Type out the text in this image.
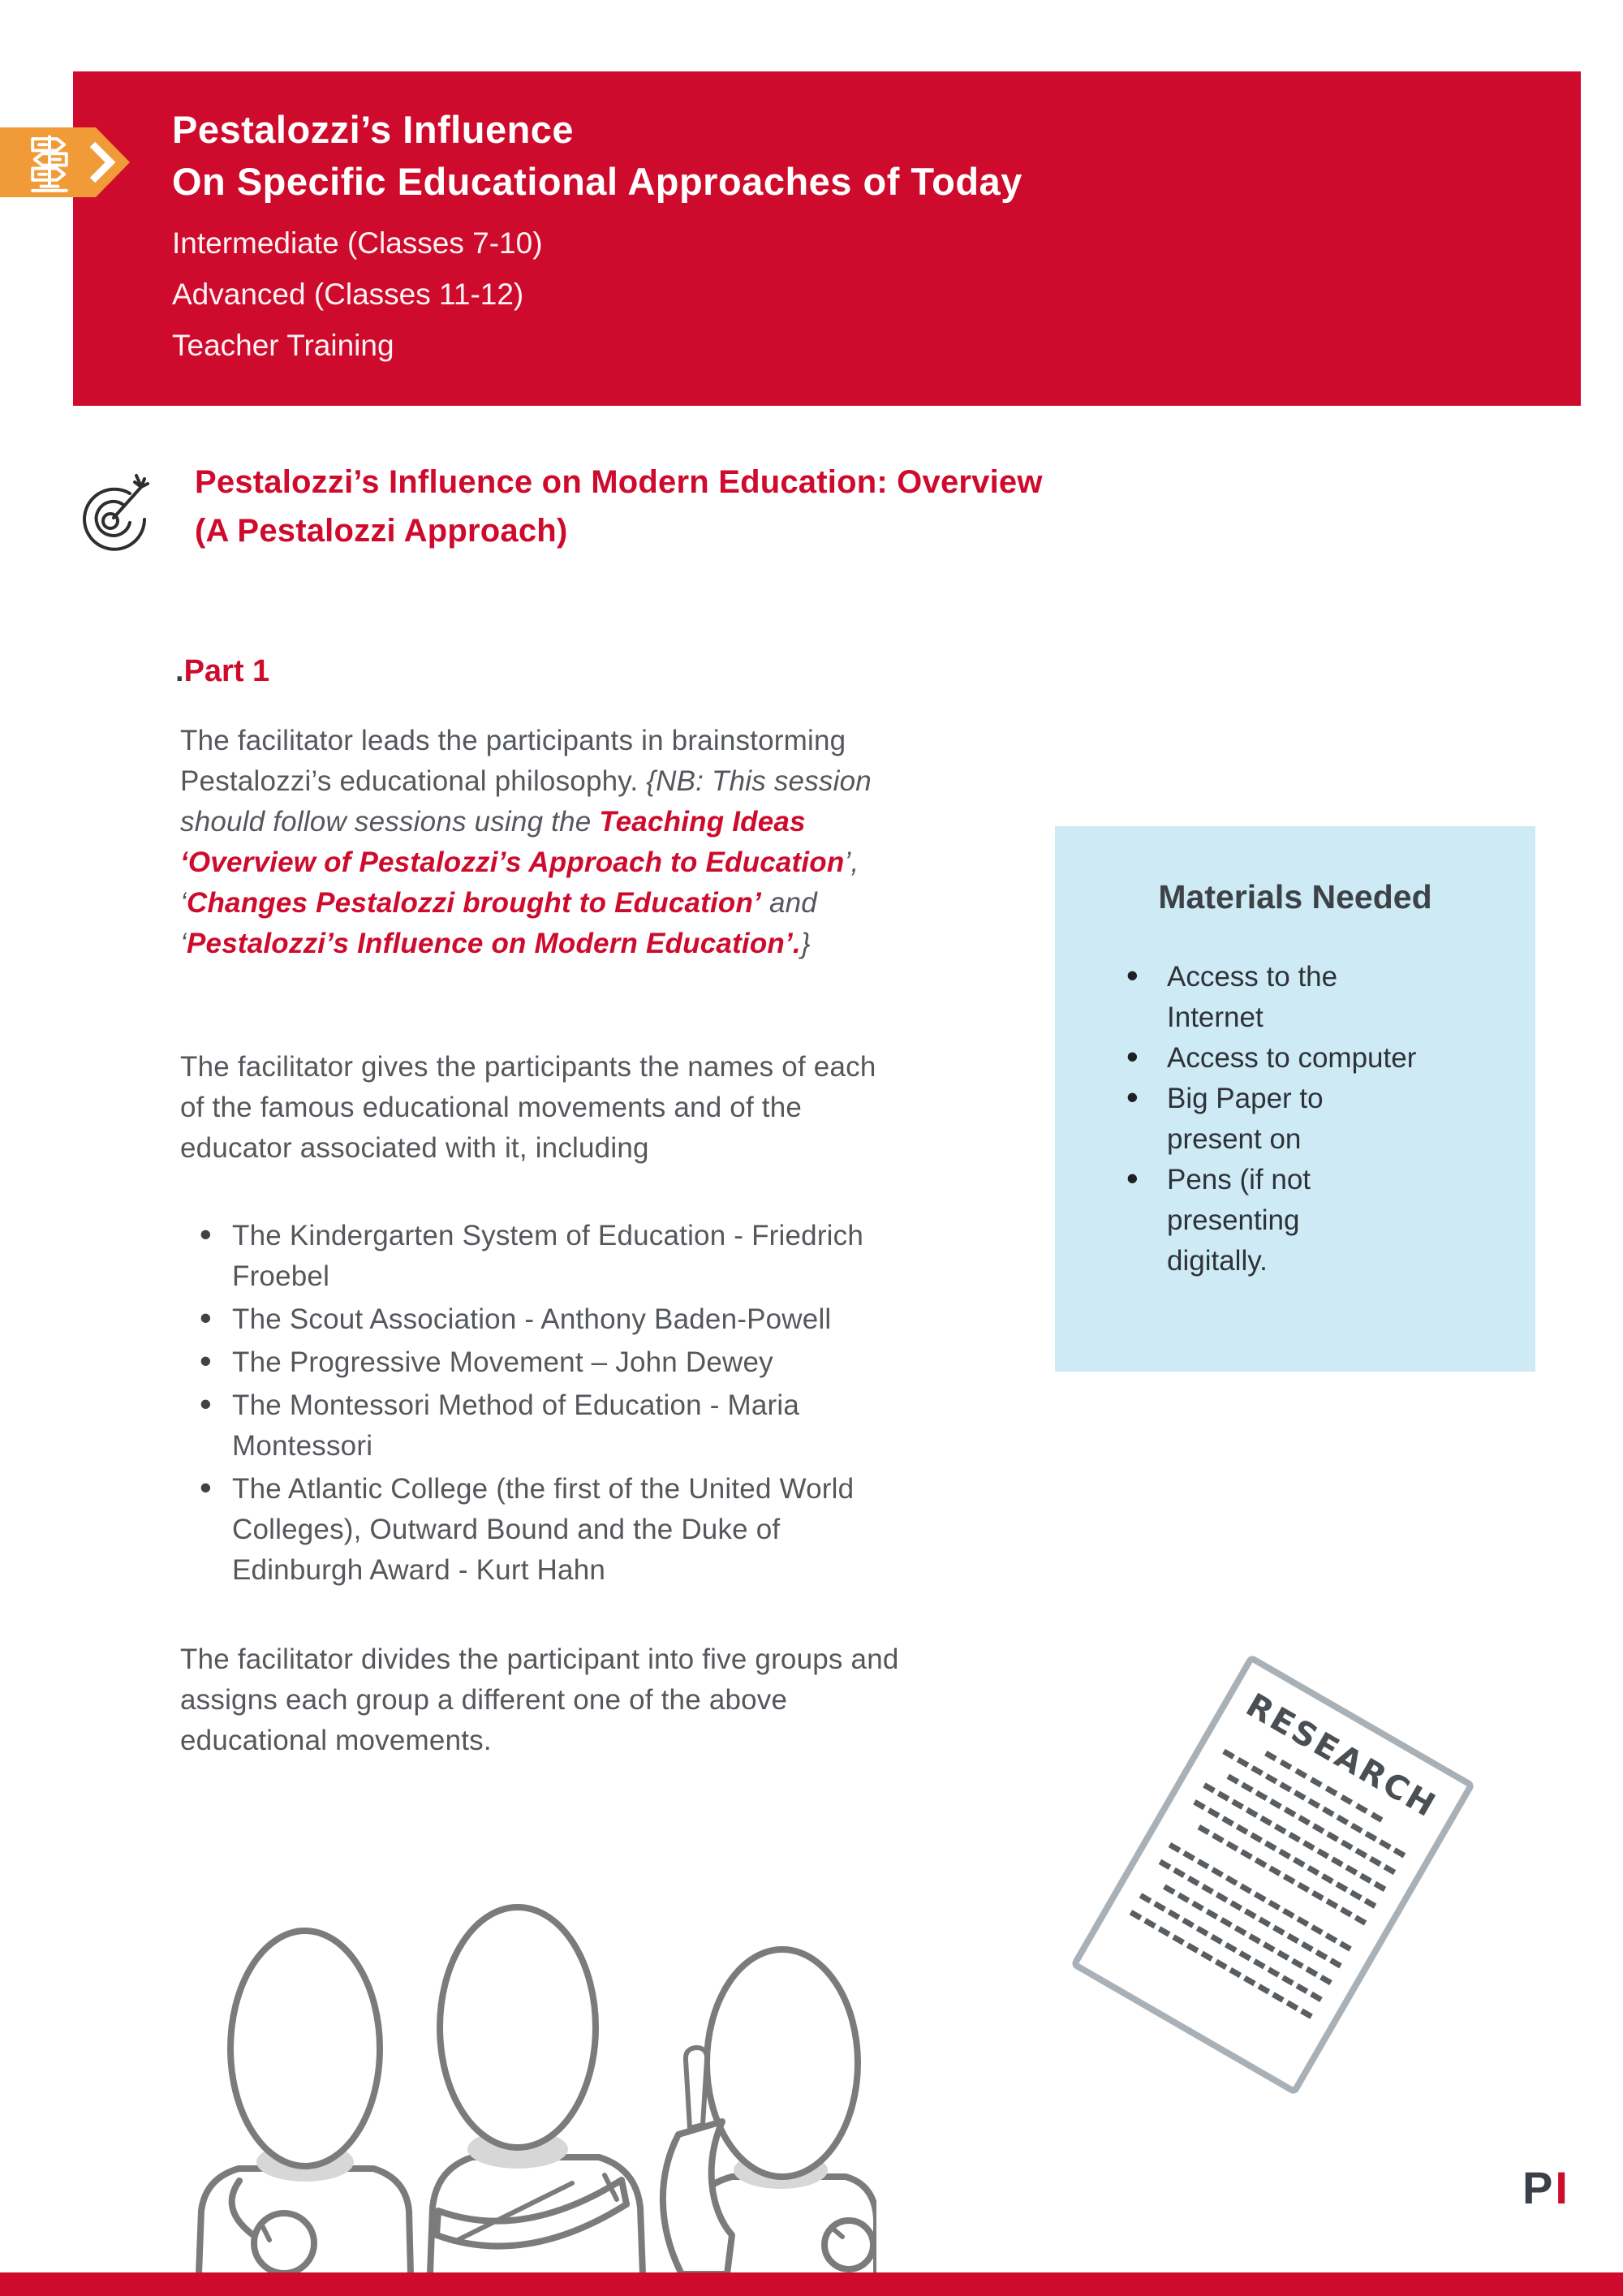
Pestalozzi’s Influence
On Specific Educational Approaches of Today
Intermediate (Classes 7-10)
Advanced (Classes 11-12)
Teacher Training
Pestalozzi’s Influence on Modern Education: Overview
(A Pestalozzi Approach)
.Part 1
The facilitator leads the participants in brainstorming
Pestalozzi’s educational philosophy. {NB: This session
should follow sessions using the Teaching Ideas
‘Overview of Pestalozzi’s Approach to Education’,
‘Changes Pestalozzi brought to Education’ and
‘Pestalozzi’s Influence on Modern Education’.}
The facilitator gives the participants the names of each
of the famous educational movements and of the
educator associated with it, including
• The Kindergarten System of Education - Friedrich
Froebel
• The Scout Association - Anthony Baden-Powell
• The Progressive Movement – John Dewey
• The Montessori Method of Education - Maria
Montessori
• The Atlantic College (the first of the United World
Colleges), Outward Bound and the Duke of
Edinburgh Award - Kurt Hahn
The facilitator divides the participant into five groups and
assigns each group a different one of the above
educational movements.
Materials Needed
• Access to the
Internet
• Access to computer
• Big Paper to
present on
• Pens (if not
presenting
digitally.
RESEARCH
PI
